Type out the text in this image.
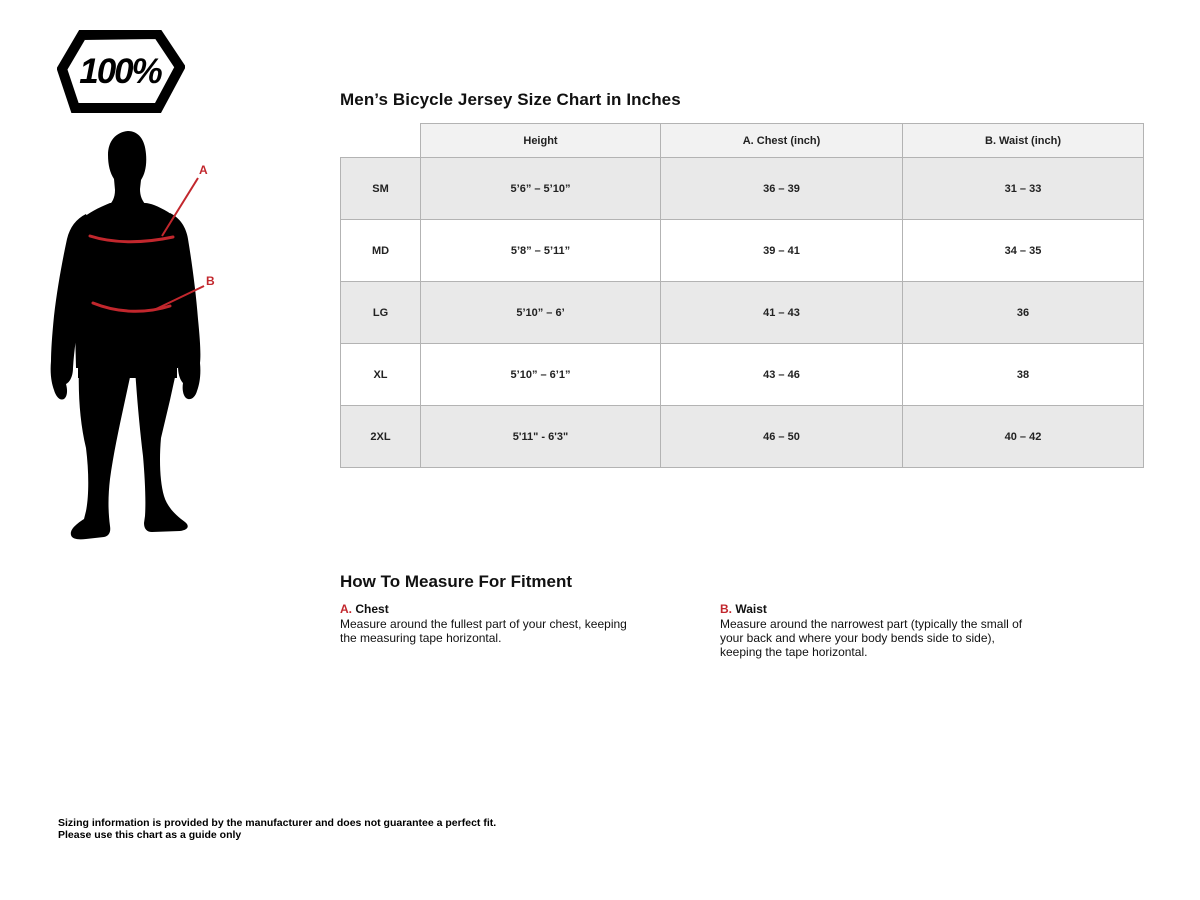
100%
A
B
Men’s Bicycle Jersey Size Chart in Inches
	Height	A. Chest (inch)	B. Waist (inch)
SM	5’6” – 5’10”	36 – 39	31 – 33
MD	5’8” – 5’11”	39 – 41	34 – 35
LG	5’10” – 6’	41 – 43	36
XL	5’10” – 6’1”	43 – 46	38
2XL	5'11" - 6'3"	46 – 50	40 – 42
How To Measure For Fitment
A. Chest
Measure around the fullest part of your chest, keeping the measuring tape horizontal.
B. Waist
Measure around the narrowest part (typically the small of your back and where your body bends side to side), keeping the tape horizontal.
Sizing information is provided by the manufacturer and does not guarantee a perfect fit.
Please use this chart as a guide only
